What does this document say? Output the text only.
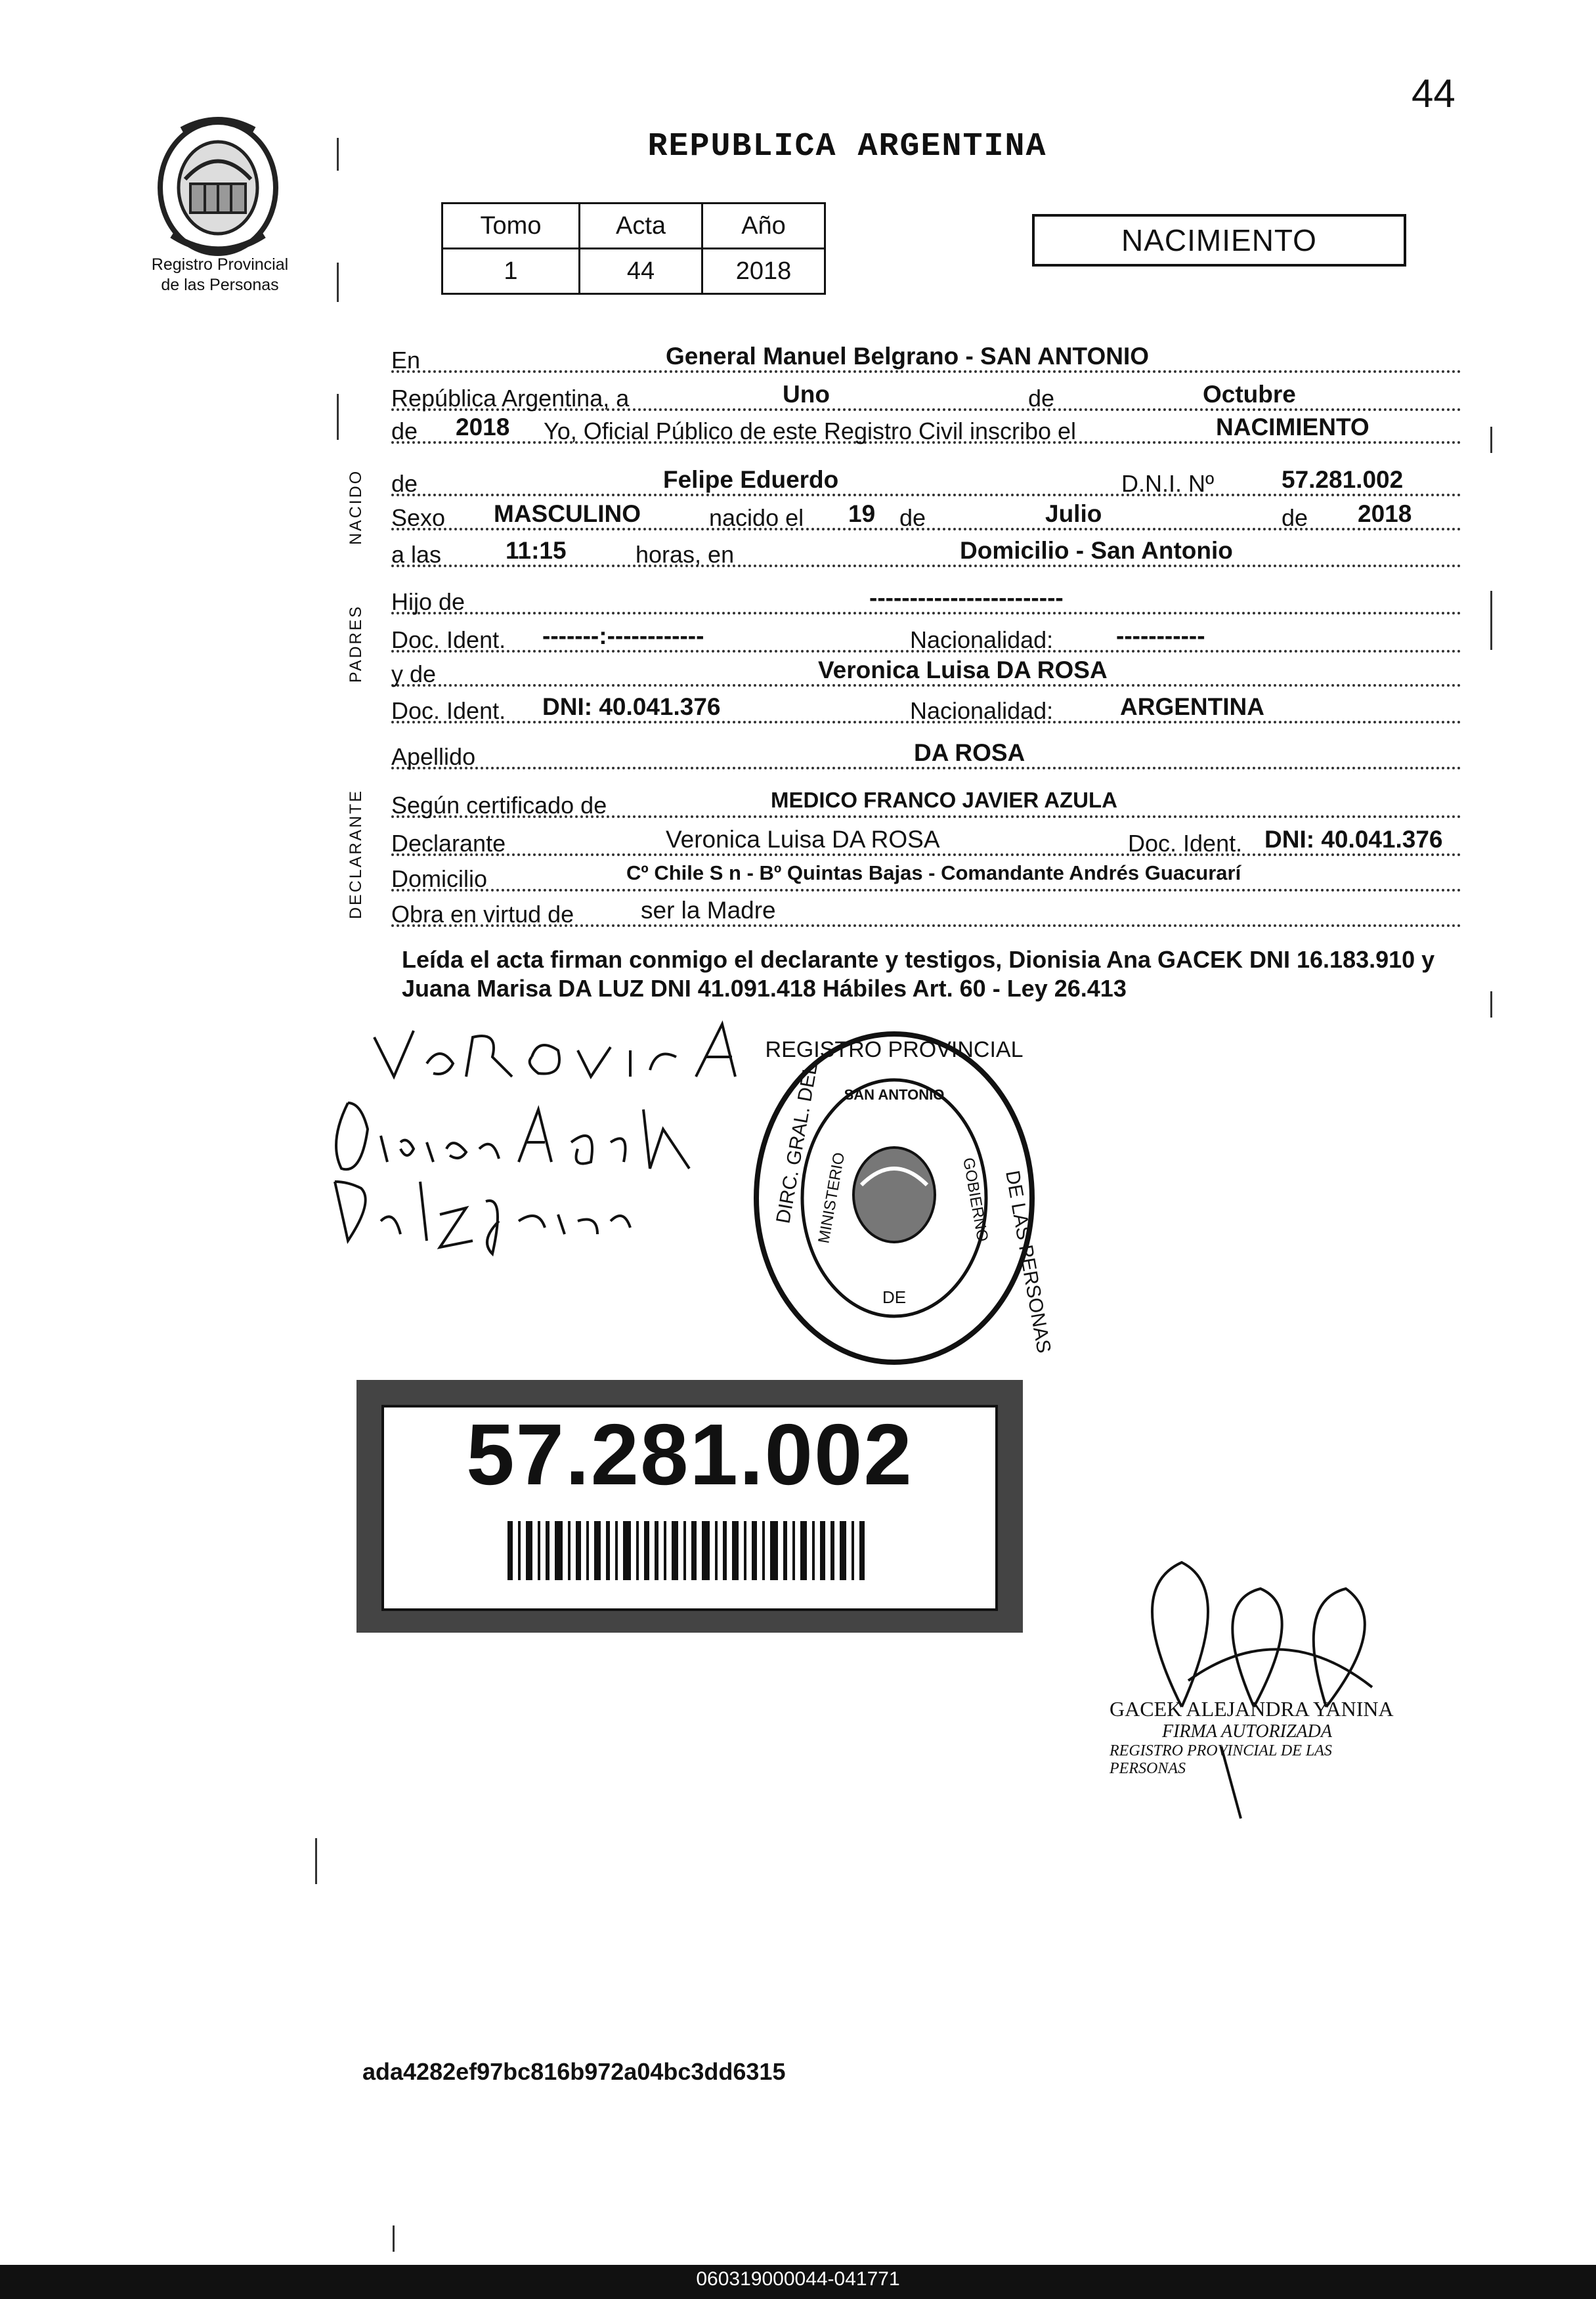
44
Registro Provincial
de las Personas
REPUBLICA ARGENTINA
Tomo	Acta	Año
1	44	2018
NACIMIENTO
NACIDO
PADRES
DECLARANTE
En	General Manuel Belgrano - SAN ANTONIO
República Argentina, a	Uno	de	Octubre
de 2018 Yo, Oficial Público de este Registro Civil inscribo el	NACIMIENTO
de	Felipe Eduerdo	D.N.I. Nº	57.281.002
Sexo MASCULINO	nacido el 19 de	Julio	de 2018
a las	11:15	horas, en	Domicilio - San Antonio
Hijo de	------------------------
Doc. Ident. -------:------------	Nacionalidad:	-----------
y de	Veronica Luisa DA ROSA
Doc. Ident. DNI: 40.041.376	Nacionalidad:	ARGENTINA
Apellido	DA ROSA
Según certificado de	MEDICO FRANCO JAVIER AZULA
Declarante	Veronica Luisa DA ROSA	Doc. Ident. DNI: 40.041.376
Domicilio	Cº Chile S n - Bº Quintas Bajas - Comandante Andrés Guacurarí
Obra en virtud de	ser la Madre
Leída el acta firman conmigo el declarante y testigos, Dionisia Ana GACEK DNI 16.183.910 y Juana Marisa DA LUZ DNI 41.091.418 Hábiles Art. 60 - Ley 26.413
REGISTRO PROVINCIAL
DIRC. GRAL. DEL
DE LAS PERSONAS
SAN ANTONIO
MINISTERIO	GOBIERNO
DE
57.281.002
GACEK ALEJANDRA YANINA
FIRMA AUTORIZADA
REGISTRO PROVINCIAL DE LAS PERSONAS
ada4282ef97bc816b972a04bc3dd6315
060319000044-041771
